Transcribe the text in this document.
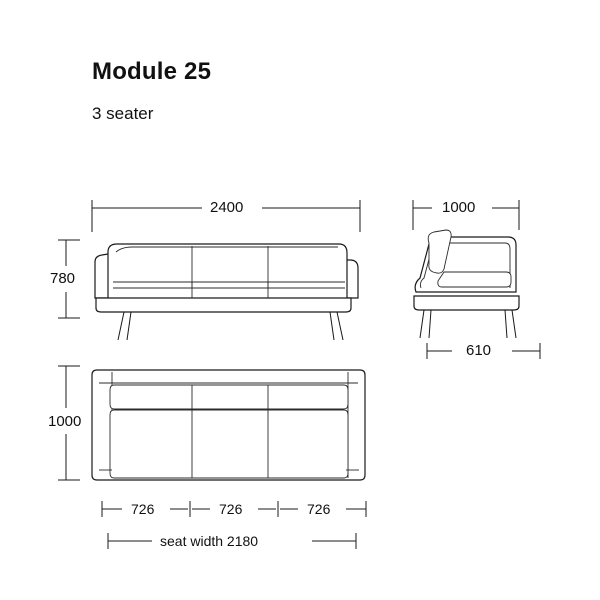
Module 25
3 seater
2400
780
1000
610
1000
726	726	726
seat width 2180
